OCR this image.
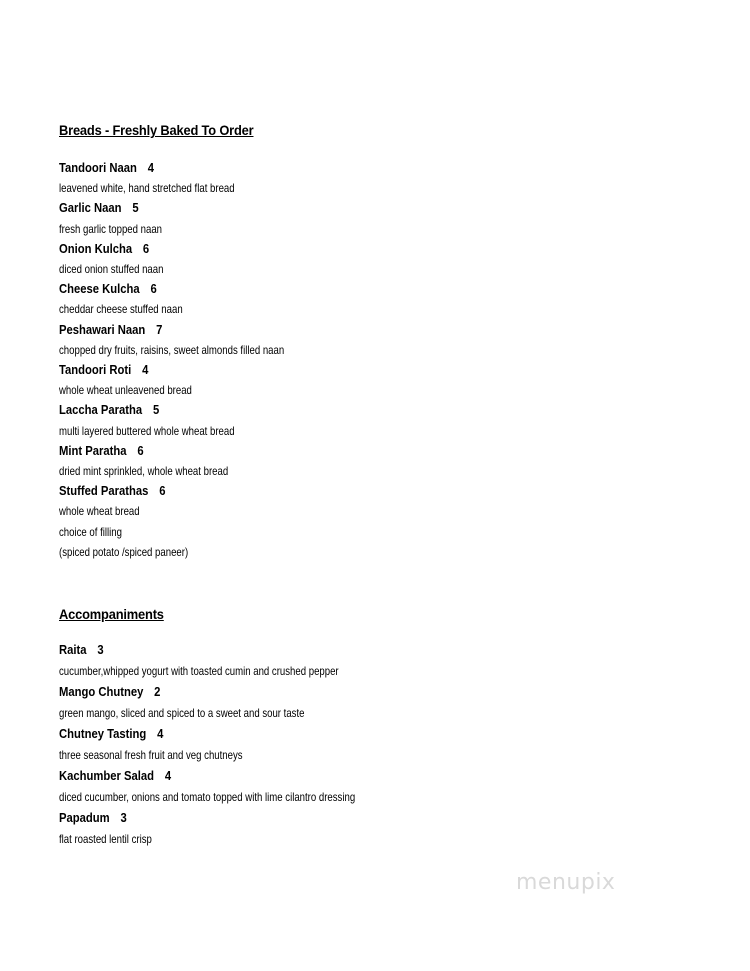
Breads - Freshly Baked To Order
Tandoori Naan 4
leavened white, hand stretched flat bread
Garlic Naan 5
fresh garlic topped naan
Onion Kulcha 6
diced onion stuffed naan
Cheese Kulcha 6
cheddar cheese stuffed naan
Peshawari Naan 7
chopped dry fruits, raisins, sweet almonds filled naan
Tandoori Roti 4
whole wheat unleavened bread
Laccha Paratha 5
multi layered buttered whole wheat bread
Mint Paratha 6
dried mint sprinkled, whole wheat bread
Stuffed Parathas 6
whole wheat bread
choice of filling
(spiced potato /spiced paneer)
Accompaniments
Raita 3
cucumber,whipped yogurt with toasted cumin and crushed pepper
Mango Chutney 2
green mango, sliced and spiced to a sweet and sour taste
Chutney Tasting 4
three seasonal fresh fruit and veg chutneys
Kachumber Salad 4
diced cucumber, onions and tomato topped with lime cilantro dressing
Papadum 3
flat roasted lentil crisp
menupix
